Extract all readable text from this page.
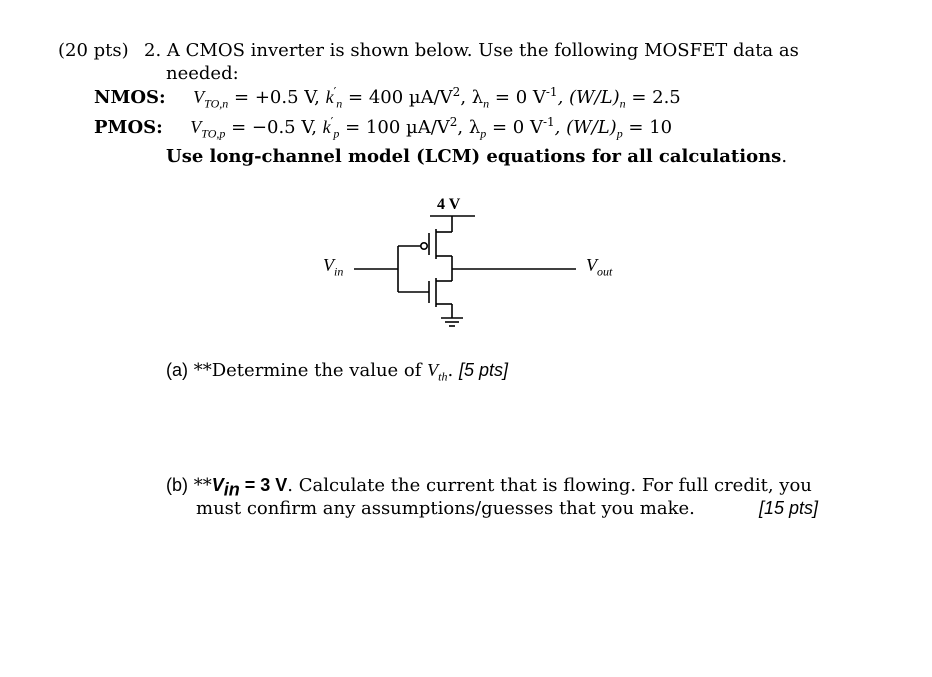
(20 pts) 2. A CMOS inverter is shown below. Use the following MOSFET data as
needed:
NMOS: $V_{TO,n} = +0.5$ V, $k'_n = 400$ $\mu A/V^2$, $\lambda_n = 0$ $V^{-1}$, $(W/L)_n = 2.5$
PMOS: $V_{TO,p} = -0.5$ V, $k'_p = 100$ $\mu A/V^2$, $\lambda_p = 0$ $V^{-1}$, $(W/L)_p = 10$
Use long-channel model (LCM) equations for all calculations.
4 V
$V_{in}$	$V_{out}$
(a) **Determine the value of $V_{th}$. [5 pts]
(b) $**V_{in} = 3$ V. Calculate the current that is flowing. For full credit, you
must confirm any assumptions/guesses that you make.	[15 pts]
